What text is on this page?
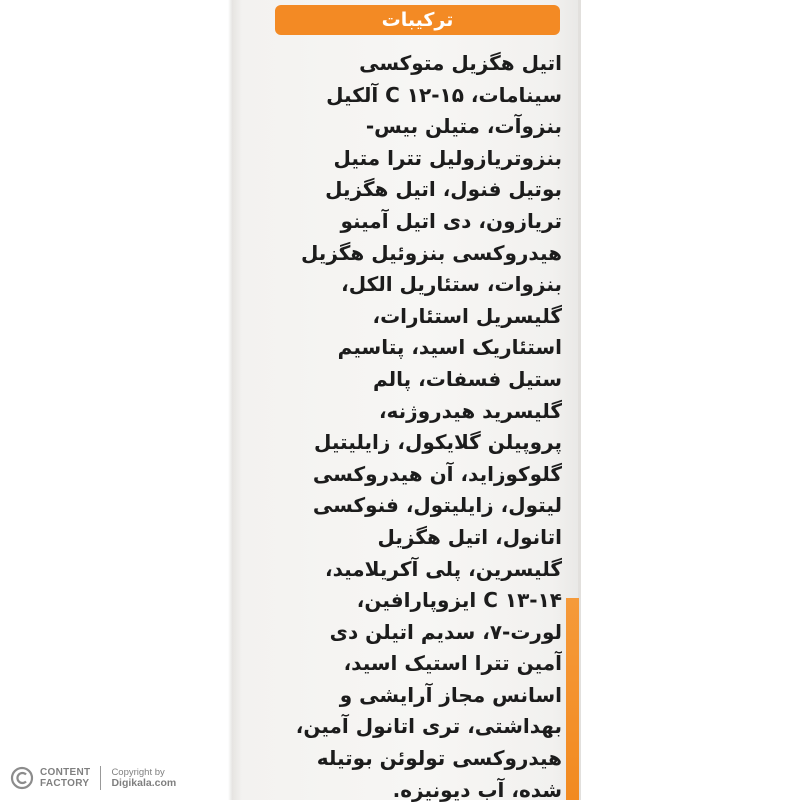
ترکیبات
اتیل هگزیل متوکسی
سینامات، C ۱۲-۱۵ آلکیل
بنزوآت، متیلن بیس-
بنزوتریازولیل تترا متیل
بوتیل فنول، اتیل هگزیل
تریازون، دی اتیل آمینو
هیدروکسی بنزوئیل هگزیل
بنزوات، ستئاریل الکل،
گلیسریل استئارات،
استئاریک اسید، پتاسیم
ستیل فسفات، پالم
گلیسرید هیدروژنه،
پروپیلن گلایکول، زایلیتیل
گلوکوزاید، آن هیدروکسی
لیتول، زایلیتول، فنوکسی
اتانول، اتیل هگزیل
گلیسرین، پلی آکریلامید،
C ۱۳-۱۴ ایزوپارافین،
لورت-۷، سدیم اتیلن دی
آمین تترا استیک اسید،
اسانس مجاز آرایشی و
بهداشتی، تری اتانول آمین،
هیدروکسی تولوئن بوتیله
شده، آب دیونیزه.
CONTENT
FACTORY
Copyright by
Digikala.com
